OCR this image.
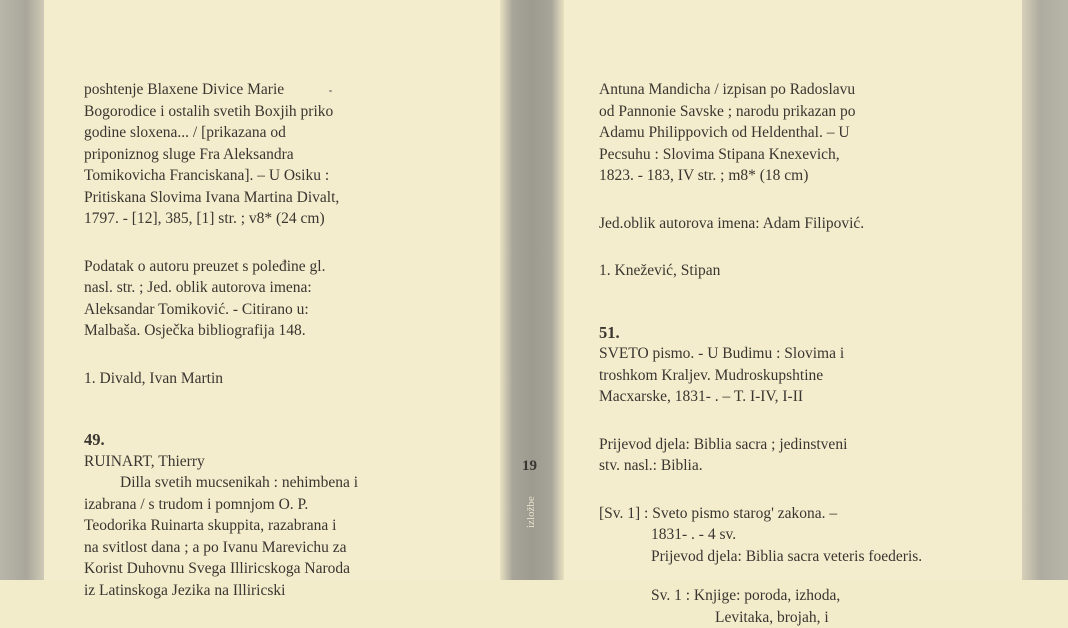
poshtenje Blaxene Divice Marie
Bogorodice i ostalih svetih Boxjih priko
godine sloxena... / [prikazana od
priponiznog sluge Fra Aleksandra
Tomikovicha Franciskana]. – U Osiku :
Pritiskana Slovima Ivana Martina Divalt,
1797. - [12], 385, [1] str. ; v8* (24 cm)
Podatak o autoru preuzet s poleđine gl.
nasl. str. ; Jed. oblik autorova imena:
Aleksandar Tomiković. - Citirano u:
Malbaša. Osječka bibliografija 148.
1. Divald, Ivan Martin
49.
RUINART, Thierry
Dilla svetih mucsenikah : nehimbena i
izabrana / s trudom i pomnjom O. P.
Teodorika Ruinarta skuppita, razabrana i
na svitlost dana ; a po Ivanu Marevichu za
Korist Duhovnu Svega Illiricskoga Naroda
iz Latinskoga Jezika na Illiricski
Antuna Mandicha / izpisan po Radoslavu
od Pannonie Savske ; narodu prikazan po
Adamu Philippovich od Heldenthal. – U
Pecsuhu : Slovima Stipana Knexevich,
1823. - 183, IV str. ; m8* (18 cm)
Jed.oblik autorova imena: Adam Filipović.
1. Knežević, Stipan
51.
SVETO pismo. - U Budimu : Slovima i
troshkom Kraljev. Mudroskupshtine
Macxarske, 1831- . – T. I-IV, I-II
Prijevod djela: Biblia sacra ; jedinstveni
stv. nasl.: Biblia.
[Sv. 1] : Sveto pismo starog' zakona. –
1831- . - 4 sv.
Prijevod djela: Biblia sacra veteris foederis.
Sv. 1 : Knjige: poroda, izhoda,
Levitaka, brojah, i
19
izložbe
